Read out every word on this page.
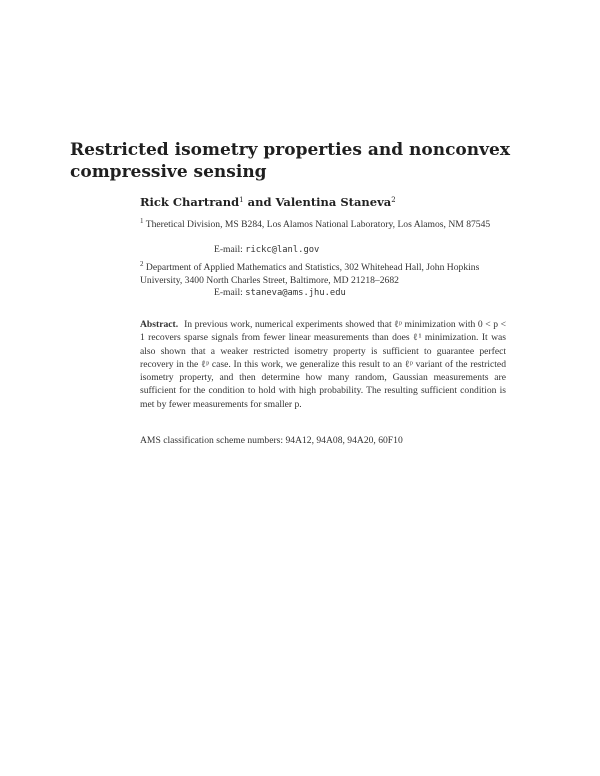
Restricted isometry properties and nonconvex compressive sensing

Rick Chartrand$^1$ and Valentina Staneva$^2$

$^1$ Theretical Division, MS B284, Los Alamos National Laboratory, Los Alamos, NM 87545

E-mail: rickc@lanl.gov

$^2$ Department of Applied Mathematics and Statistics, 302 Whitehead Hall, John Hopkins University, 3400 North Charles Street, Baltimore, MD 21218–2682

E-mail: staneva@ams.jhu.edu

Abstract. In previous work, numerical experiments showed that ℓᵖ minimization with 0 < p < 1 recovers sparse signals from fewer linear measurements than does ℓ¹ minimization. It was also shown that a weaker restricted isometry property is sufficient to guarantee perfect recovery in the ℓᵖ case. In this work, we generalize this result to an ℓᵖ variant of the restricted isometry property, and then determine how many random, Gaussian measurements are sufficient for the condition to hold with high probability. The resulting sufficient condition is met by fewer measurements for smaller p.

AMS classification scheme numbers: 94A12, 94A08, 94A20, 60F10
